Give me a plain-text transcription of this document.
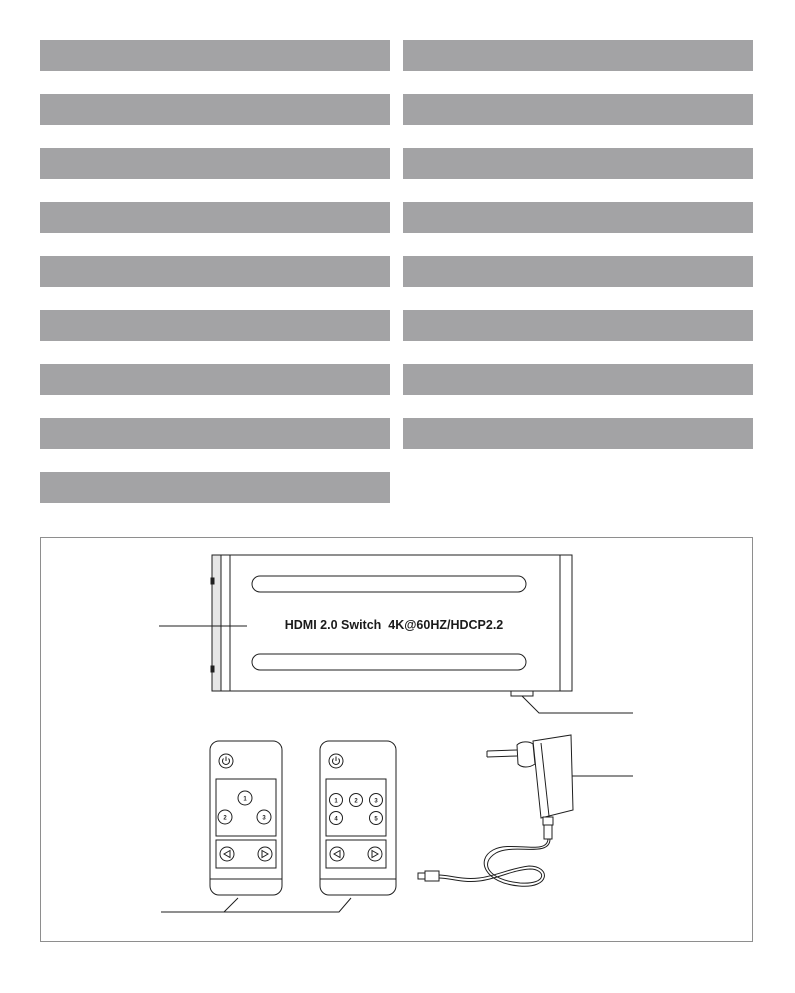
1
2	3
1	2	3
4	5
HDMI 2.0 Switch  4K@60HZ/HDCP2.2
